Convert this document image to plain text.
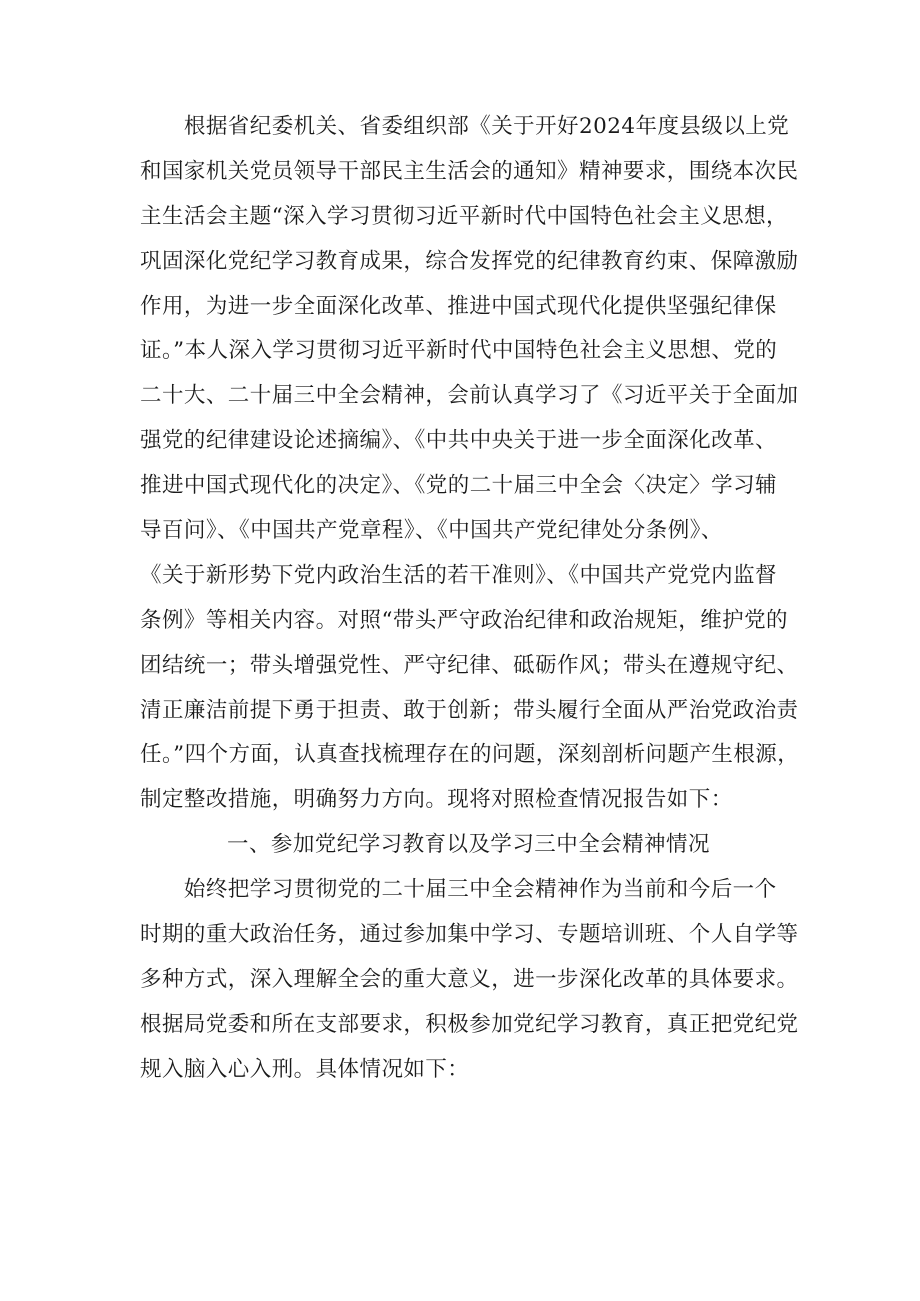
　　根据省纪委机关、省委组织部《关于开好2024年度县级以上党
和国家机关党员领导干部民主生活会的通知》精神要求，围绕本次民
主生活会主题“深入学习贯彻习近平新时代中国特色社会主义思想，
巩固深化党纪学习教育成果，综合发挥党的纪律教育约束、保障激励
作用，为进一步全面深化改革、推进中国式现代化提供坚强纪律保
证。”本人深入学习贯彻习近平新时代中国特色社会主义思想、党的
二十大、二十届三中全会精神，会前认真学习了《习近平关于全面加
强党的纪律建设论述摘编》、《中共中央关于进一步全面深化改革、
推进中国式现代化的决定》、《党的二十届三中全会〈决定〉学习辅
导百问》、《中国共产党章程》、《中国共产党纪律处分条例》、
《关于新形势下党内政治生活的若干准则》、《中国共产党党内监督
条例》等相关内容。对照“带头严守政治纪律和政治规矩，维护党的
团结统一；带头增强党性、严守纪律、砥砺作风；带头在遵规守纪、
清正廉洁前提下勇于担责、敢于创新；带头履行全面从严治党政治责
任。”四个方面，认真查找梳理存在的问题，深刻剖析问题产生根源，
制定整改措施，明确努力方向。现将对照检查情况报告如下：
一、参加党纪学习教育以及学习三中全会精神情况
　　始终把学习贯彻党的二十届三中全会精神作为当前和今后一个
时期的重大政治任务，通过参加集中学习、专题培训班、个人自学等
多种方式，深入理解全会的重大意义，进一步深化改革的具体要求。
根据局党委和所在支部要求，积极参加党纪学习教育，真正把党纪党
规入脑入心入刑。具体情况如下：
